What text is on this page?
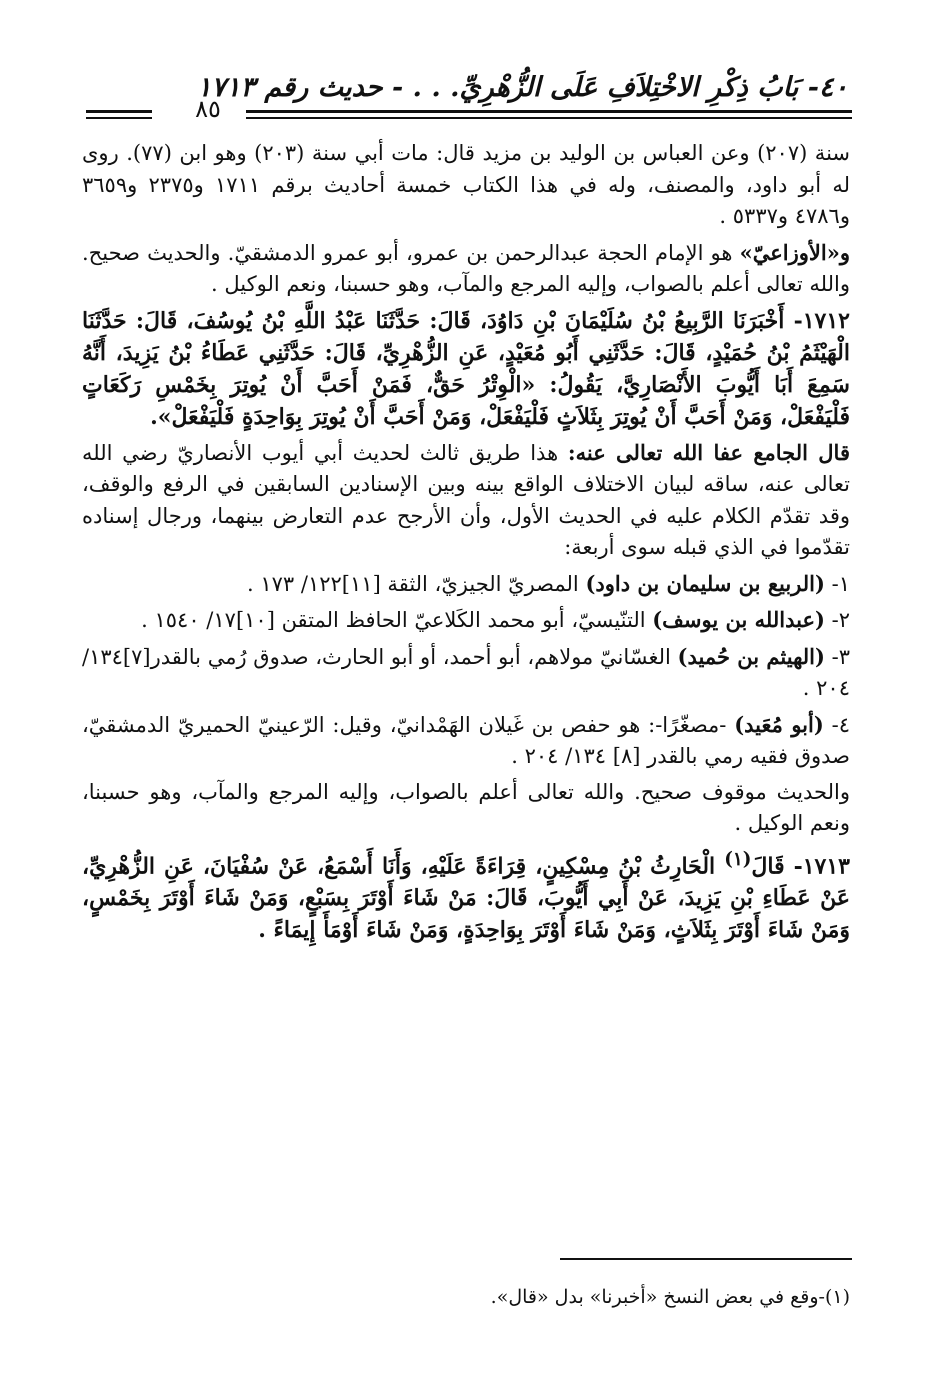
٤٠- بَابُ ذِكْرِ الاخْتِلاَفِ عَلَى الزُّهْرِيِّ. . . - حديث رقم ١٧١٣
٨٥

سنة (٢٠٧) وعن العباس بن الوليد بن مزيد قال: مات أبي سنة (٢٠٣) وهو ابن (٧٧). روى له أبو داود، والمصنف، وله في هذا الكتاب خمسة أحاديث برقم ١٧١١ و٢٣٧٥ و٣٦٥٩ و٤٧٨٦ و٥٣٣٧ .

و«الأوزاعيّ» هو الإمام الحجة عبدالرحمن بن عمرو، أبو عمرو الدمشقيّ. والحديث صحيح. والله تعالى أعلم بالصواب، وإليه المرجع والمآب، وهو حسبنا، ونعم الوكيل .

١٧١٢- أَخْبَرَنَا الرَّبِيعُ بْنُ سُلَيْمَانَ بْنِ دَاوُدَ، قَالَ: حَدَّثَنَا عَبْدُ اللَّهِ بْنُ يُوسُفَ، قَالَ: حَدَّثَنَا الْهَيْثَمُ بْنُ حُمَيْدٍ، قَالَ: حَدَّثَنِي أَبُو مُعَيْدٍ، عَنِ الزُّهْرِيِّ، قَالَ: حَدَّثَنِي عَطَاءُ بْنُ يَزِيدَ، أَنَّهُ سَمِعَ أَبَا أَيُّوبَ الأَنْصَارِيَّ، يَقُولُ: «الْوِتْرُ حَقٌّ، فَمَنْ أَحَبَّ أَنْ يُوتِرَ بِخَمْسِ رَكَعَاتٍ فَلْيَفْعَلْ، وَمَنْ أَحَبَّ أَنْ يُوتِرَ بِثَلاَثٍ فَلْيَفْعَلْ، وَمَنْ أَحَبَّ أَنْ يُوتِرَ بِوَاحِدَةٍ فَلْيَفْعَلْ».

قال الجامع عفا الله تعالى عنه: هذا طريق ثالث لحديث أبي أيوب الأنصاريّ رضي الله تعالى عنه، ساقه لبيان الاختلاف الواقع بينه وبين الإسنادين السابقين في الرفع والوقف، وقد تقدّم الكلام عليه في الحديث الأول، وأن الأرجح عدم التعارض بينهما، ورجال إسناده تقدّموا في الذي قبله سوى أربعة:

١- (الربيع بن سليمان بن داود) المصريّ الجيزيّ، الثقة [١١]١٢٢/ ١٧٣ .

٢- (عبدالله بن يوسف) التنّيسيّ، أبو محمد الكَلاعيّ الحافظ المتقن [١٠]١٧/ ١٥٤٠ .

٣- (الهيثم بن حُميد) الغسّانيّ مولاهم، أبو أحمد، أو أبو الحارث، صدوق رُمي بالقدر[٧]١٣٤/ ٢٠٤ .

٤- (أبو مُعَيد) -مصغّرًا-: هو حفص بن غَيلان الهَمْدانيّ، وقيل: الرّعينيّ الحميريّ الدمشقيّ، صدوق فقيه رمي بالقدر [٨] ١٣٤/ ٢٠٤ .

والحديث موقوف صحيح. والله تعالى أعلم بالصواب، وإليه المرجع والمآب، وهو حسبنا، ونعم الوكيل .

١٧١٣- قَالَ$^{(١)}$ الْحَارِثُ بْنُ مِسْكِينٍ، قِرَاءَةً عَلَيْهِ، وَأَنَا أَسْمَعُ، عَنْ سُفْيَانَ، عَنِ الزُّهْرِيِّ، عَنْ عَطَاءِ بْنِ يَزِيدَ، عَنْ أَبِي أَيُّوبَ، قَالَ: مَنْ شَاءَ أَوْتَرَ بِسَبْعٍ، وَمَنْ شَاءَ أَوْتَرَ بِخَمْسٍ، وَمَنْ شَاءَ أَوْتَرَ بِثَلاَثٍ، وَمَنْ شَاءَ أَوْتَرَ بِوَاحِدَةٍ، وَمَنْ شَاءَ أَوْمَأَ إِيمَاءً .

(١)-وقع في بعض النسخ «أخبرنا» بدل «قال».
